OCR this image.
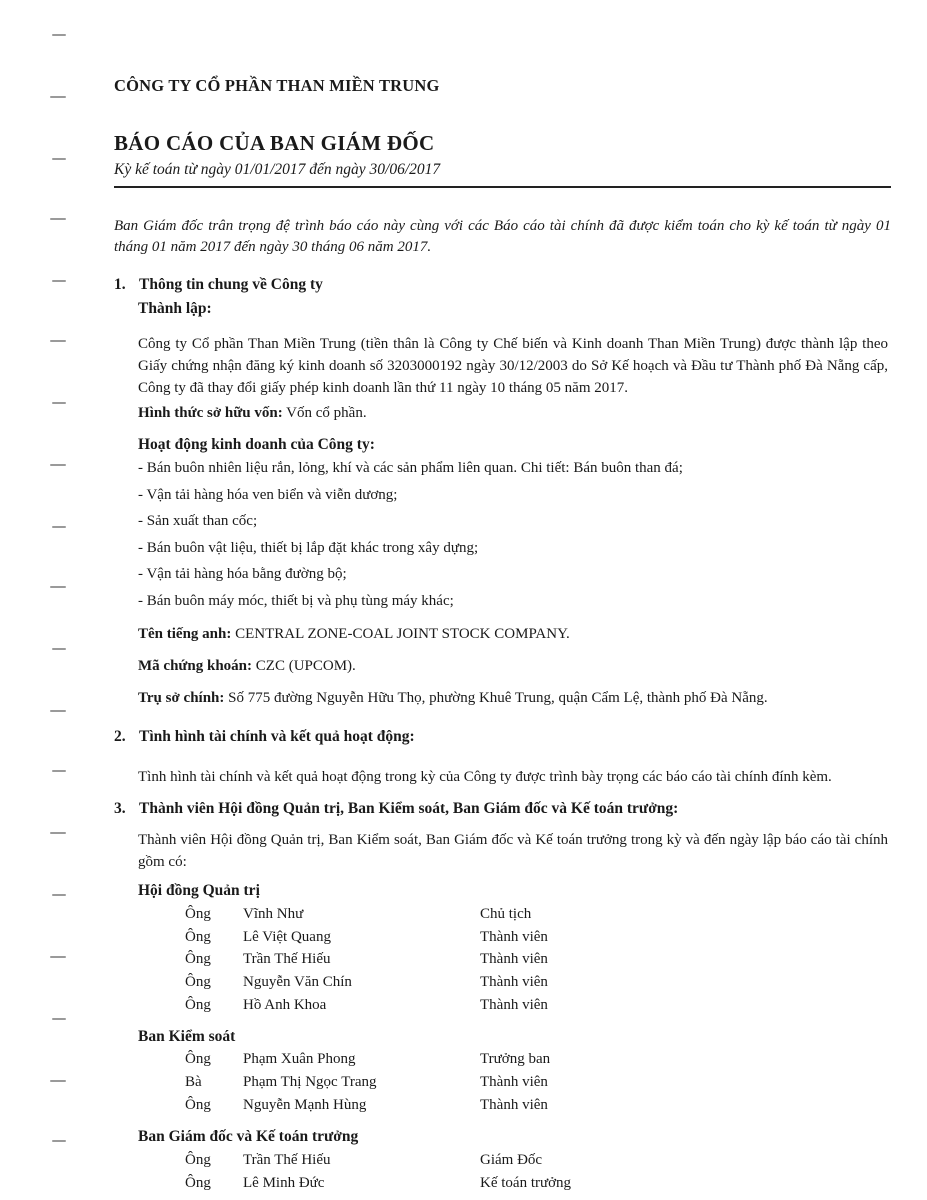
CÔNG TY CỔ PHẦN THAN MIỀN TRUNG
BÁO CÁO CỦA BAN GIÁM ĐỐC
Kỳ kế toán từ ngày 01/01/2017 đến ngày 30/06/2017
Ban Giám đốc trân trọng đệ trình báo cáo này cùng với các Báo cáo tài chính đã được kiểm toán cho kỳ kế toán từ ngày 01 tháng 01 năm 2017 đến ngày 30 tháng 06 năm 2017.
1. Thông tin chung về Công ty
Thành lập:
Công ty Cổ phần Than Miền Trung (tiền thân là Công ty Chế biến và Kinh doanh Than Miền Trung) được thành lập theo Giấy chứng nhận đăng ký kinh doanh số 3203000192 ngày 30/12/2003 do Sở Kế hoạch và Đầu tư Thành phố Đà Nẵng cấp, Công ty đã thay đổi giấy phép kinh doanh lần thứ 11 ngày 10 tháng 05 năm 2017.
Hình thức sở hữu vốn: Vốn cổ phần.
Hoạt động kinh doanh của Công ty:
- Bán buôn nhiên liệu rắn, lỏng, khí và các sản phẩm liên quan. Chi tiết: Bán buôn than đá;
- Vận tải hàng hóa ven biển và viễn dương;
- Sản xuất than cốc;
- Bán buôn vật liệu, thiết bị lắp đặt khác trong xây dựng;
- Vận tải hàng hóa bằng đường bộ;
- Bán buôn máy móc, thiết bị và phụ tùng máy khác;
Tên tiếng anh: CENTRAL ZONE-COAL JOINT STOCK COMPANY.
Mã chứng khoán: CZC (UPCOM).
Trụ sở chính: Số 775 đường Nguyễn Hữu Thọ, phường Khuê Trung, quận Cẩm Lệ, thành phố Đà Nẵng.
2. Tình hình tài chính và kết quả hoạt động:
Tình hình tài chính và kết quả hoạt động trong kỳ của Công ty được trình bày trọng các báo cáo tài chính đính kèm.
3. Thành viên Hội đồng Quản trị, Ban Kiểm soát, Ban Giám đốc và Kế toán trưởng:
Thành viên Hội đồng Quản trị, Ban Kiểm soát, Ban Giám đốc và Kế toán trưởng trong kỳ và đến ngày lập báo cáo tài chính gồm có:
Hội đồng Quản trị
Ông Vĩnh Như	Chủ tịch
Ông Lê Việt Quang	Thành viên
Ông Trần Thế Hiếu	Thành viên
Ông Nguyễn Văn Chín	Thành viên
Ông Hồ Anh Khoa	Thành viên
Ban Kiểm soát
Ông Phạm Xuân Phong	Trưởng ban
Bà	Phạm Thị Ngọc Trang	Thành viên
Ông Nguyễn Mạnh Hùng	Thành viên
Ban Giám đốc và Kế toán trưởng
Ông Trần Thế Hiếu	Giám Đốc
Ông Lê Minh Đức	Kế toán trưởng
